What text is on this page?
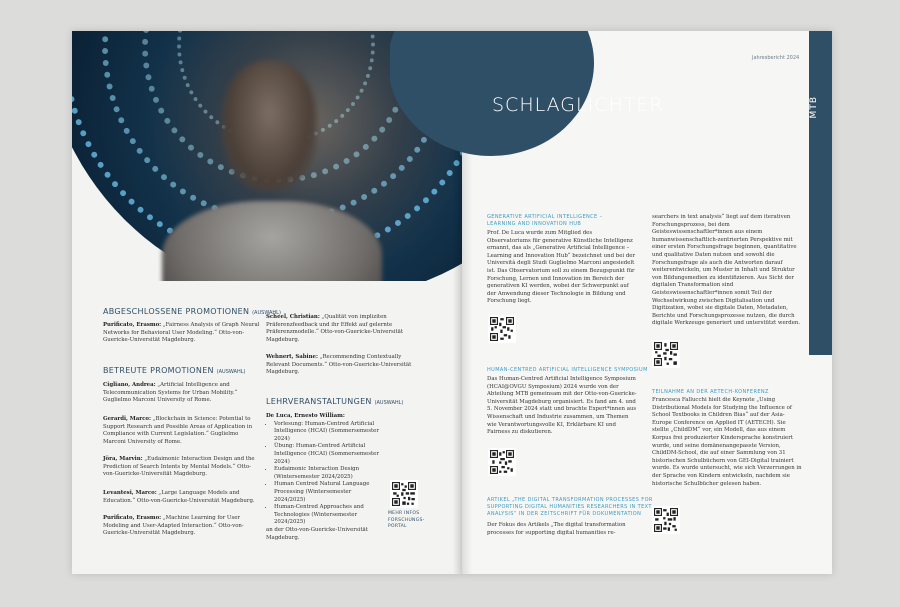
ABGESCHLOSSENE PROMOTIONEN (AUSWAHL)
Purificato, Erasmo: „Fairness Analysis of Graph Neural Networks for Behavioral User Modeling.“ Otto-von-Guericke-Universität Magdeburg.
BETREUTE PROMOTIONEN (AUSWAHL)
Cigliano, Andrea: „Artificial Intelligence and Telecommunication Systems for Urban Mobility.“ Guglielmo Marconi University of Rome.
Gerardi, Marco: „Blockchain in Science: Potential to Support Research and Possible Areas of Application in Compliance with Current Legislation.“ Guglielmo Marconi University of Rome.
Jöra, Marvin: „Eudaimonic Interaction Design and the Prediction of Search Intents by Mental Models.“ Otto-von-Guericke-Universität Magdeburg.
Levantesi, Marco: „Large Language Models and Education.“ Otto-von-Guericke-Universität Magdeburg.
Purificato, Erasmo: „Machine Learning for User Modeling and User-Adapted Interaction.“ Otto-von-Guericke-Universität Magdeburg.
Scheel, Christian: „Qualität von impliziten Präferenzfeedback und ihr Effekt auf gelernte Präferenzmodelle.“ Otto-von-Guericke-Universität Magdeburg.
Wehnert, Sabine: „Recommending Contextually Relevant Documents.“ Otto-von-Guericke-Universität Magdeburg.
LEHRVERANSTALTUNGEN (AUSWAHL)
De Luca, Ernesto William:
• Vorlesung: Human-Centred Artificial Intelligence (HCAI) (Sommersemester 2024)
• Übung: Human-Centred Artificial Intelligence (HCAI) (Sommersemester 2024)
• Eudaimonic Interaction Design (Wintersemester 2024/2025)
• Human Centred Natural Language Processing (Wintersemester 2024/2025)
• Human-Centred Approaches and Technologies (Wintersemester 2024/2025)
an der Otto-von-Guericke-Universität Magdeburg.
MEHR INFOS
FORSCHUNGS-
PORTAL
GENERATIVE ARTIFICIAL INTELLIGENCE –
LEARNING AND INNOVATION HUB
Prof. De Luca wurde zum Mitglied des Observatoriums für generative Künstliche Intelligenz ernannt, das als „Generative Artificial Intelligence – Learning and Innovation Hub“ bezeichnet und bei der Università degli Studi Guglielmo Marconi angesiedelt ist. Das Observatorium soll zu einem Bezugspunkt für Forschung, Lernen und Innovation im Bereich der generativen KI werden, wobei der Schwerpunkt auf der Anwendung dieser Technologie in Bildung und Forschung liegt.
HUMAN-CENTRED ARTIFICIAL INTELLIGENCE SYMPOSIUM
Das Human-Centred Artificial Intelligence Symposium (HCAI@OVGU Symposium) 2024 wurde von der Abteilung MTB gemeinsam mit der Otto-von-Guericke-Universität Magdeburg organisiert. Es fand am 4. und 5. November 2024 statt und brachte Expert*innen aus Wissenschaft und Industrie zusammen, um Themen wie Verantwortungsvolle KI, Erklärbare KI und Fairness zu diskutieren.
ARTIKEL „THE DIGITAL TRANSFORMATION PROCESSES FOR
SUPPORTING DIGITAL HUMANITIES RESEARCHERS IN TEXT
ANALYSIS“ IN DER ZEITSCHRIFT FÜR DOKUMENTATION
Der Fokus des Artikels „The digital transformation processes for supporting digital humanities re-
searchers in text analysis“ liegt auf dem iterativen Forschungsprozess, bei dem Geisteswissenschaftler*innen aus einem humanwissenschaftlich-zentrierten Perspektive mit einer ersten Forschungsfrage beginnen, quantitative und qualitative Daten nutzen und sowohl die Forschungsfrage als auch die Antworten darauf weiterentwickeln, um Muster in Inhalt und Struktur von Bildungsmedien zu identifizieren. Aus Sicht der digitalen Transformation sind Geisteswissenschaftler*innen somit Teil der Wechselwirkung zwischen Digitalisation und Digitization, wobei sie digitale Daten, Metadaten, Berichte und Forschungsprozesse nutzen, die durch digitale Werkzeuge generiert und unterstützt werden.
TEILNAHME AN DER AETECH-KONFERENZ
Francesca Fallucchi hielt die Keynote „Using Distributional Models for Studying the Influence of School Textbooks in Children Bias“ auf der Asia-Europe Conference on Applied IT (AETECH). Sie stellte „ChildDM“ vor, ein Modell, das aus einem Korpus frei produzierter Kindersprache konstruiert wurde, und seine domänenangepasste Version, ChildDM-School, die auf einer Sammlung von 31 historischen Schulbüchern von GEI-Digital trainiert wurde. Es wurde untersucht, wie sich Verzerrungen in der Sprache von Kindern entwickeln, nachdem sie historische Schulbücher gelesen haben.
SCHLAGLICHTER
Jahresbericht 2024
MTB
